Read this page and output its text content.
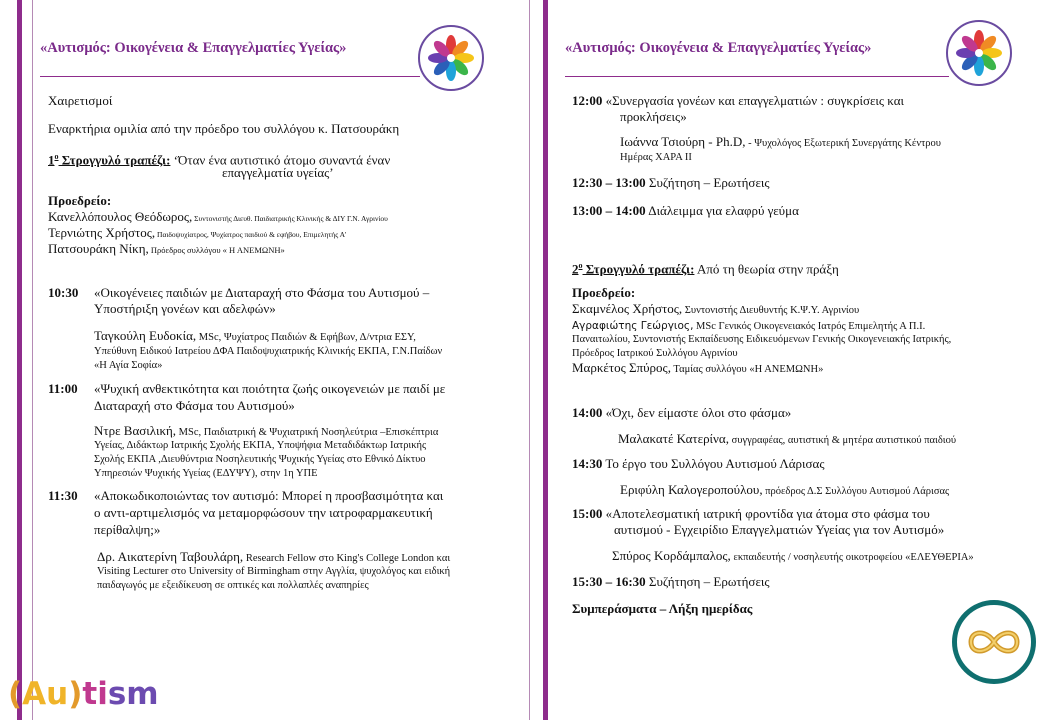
«Αυτισμός: Οικογένεια & Επαγγελματίες Υγείας»	«Αυτισμός: Οικογένεια & Επαγγελματίες Υγείας»
Χαιρετισμοί
Εναρκτήρια ομιλία από την πρόεδρο του συλλόγου κ. Πατσουράκη
$1^o$ Στρογγυλό τραπέζι: ‘Όταν ένα αυτιστικό άτομο συναντά έναν
επαγγελματία υγείας’
Προεδρείο:
Κανελλόπουλος Θεόδωρος, Συντονιστής Διευθ. Παιδιατρικής Κλινικής & ΔΙΥ Γ.Ν. Αγρινίου
Τερνιώτης Χρήστος, Παιδοψυχίατρος, Ψυχίατρος παιδιού & εφήβου, Επιμελητής Α'
Πατσουράκη Νίκη, Πρόεδρος συλλόγου « Η ΑΝΕΜΩΝΗ»
10:30 «Οικογένειες παιδιών με Διαταραχή στο Φάσμα του Αυτισμού –
Υποστήριξη γονέων και αδελφών»
Ταγκούλη Ευδοκία, MSc, Ψυχίατρος Παιδιών & Εφήβων, Δ/ντρια ΕΣΥ,
Υπεύθυνη Ειδικού Ιατρείου ΔΦΑ Παιδοψυχιατρικής Κλινικής ΕΚΠΑ, Γ.Ν.Παίδων
«Η Αγία Σοφία»
11:00 «Ψυχική ανθεκτικότητα και ποιότητα ζωής οικογενειών με παιδί με
Διαταραχή στο Φάσμα του Αυτισμού»
Ντρε Βασιλική, MSc, Παιδιατρική & Ψυχιατρική Νοσηλεύτρια –Επισκέπτρια
Υγείας, Διδάκτωρ Ιατρικής Σχολής ΕΚΠΑ, Υποψήφια Μεταδιδάκτωρ Ιατρικής
Σχολής ΕΚΠΑ ,Διευθύντρια Νοσηλευτικής Ψυχικής Υγείας στο Εθνικό Δίκτυο
Υπηρεσιών Ψυχικής Υγείας (ΕΔΥΨΥ), στην 1η ΥΠΕ
11:30 «Αποκωδικοποιώντας τον αυτισμό: Μπορεί η προσβασιμότητα και
ο αντι-αρτιμελισμός να μεταμορφώσουν την ιατροφαρμακευτική
περίθαλψη;»
Δρ. Αικατερίνη Ταβουλάρη, Research Fellow στο King's College London και
Visiting Lecturer στο University of Birmingham στην Αγγλία, ψυχολόγος και ειδική
παιδαγωγός με εξειδίκευση σε οπτικές και πολλαπλές αναπηρίες
12:00 «Συνεργασία γονέων και επαγγελματιών : συγκρίσεις και
προκλήσεις»
Ιωάννα Τσιούρη - Ph.D, - Ψυχολόγος Εξωτερική Συνεργάτης Κέντρου
Ημέρας ΧΑΡΑ ΙΙ
12:30 – 13:00 Συζήτηση – Ερωτήσεις
13:00 – 14:00 Διάλειμμα για ελαφρύ γεύμα
$2^o$ Στρογγυλό τραπέζι: Από τη θεωρία στην πράξη
Προεδρείο:
Σκαμνέλος Χρήστος, Συντονιστής Διευθυντής Κ.Ψ.Υ. Αγρινίου
Αγραφιώτης Γεώργιος, MSc Γενικός Οικογενειακός Ιατρός Επιμελητής Α Π.Ι.
Παναιτωλίου, Συντονιστής Εκπαίδευσης Ειδικευόμενων Γενικής Οικογενειακής Ιατρικής,
Πρόεδρος Ιατρικού Συλλόγου Αγρινίου
Μαρκέτος Σπύρος, Ταμίας συλλόγου «Η ΑΝΕΜΩΝΗ»
14:00 «Όχι, δεν είμαστε όλοι στο φάσμα»
Μαλακατέ Κατερίνα, συγγραφέας, αυτιστική & μητέρα αυτιστικού παιδιού
14:30 Το έργο του Συλλόγου Αυτισμού Λάρισας
Εριφύλη Καλογεροπούλου, πρόεδρος Δ.Σ Συλλόγου Αυτισμού Λάρισας
15:00 «Αποτελεσματική ιατρική φροντίδα για άτομα στο φάσμα του
αυτισμού - Εγχειρίδιο Επαγγελματιών Υγείας για τον Αυτισμό»
Σπύρος Κορδάμπαλος, εκπαιδευτής / νοσηλευτής οικοτροφείου «ΕΛΕΥΘΕΡΙΑ»
15:30 – 16:30 Συζήτηση – Ερωτήσεις
Συμπεράσματα – Λήξη ημερίδας
(Au)tism
